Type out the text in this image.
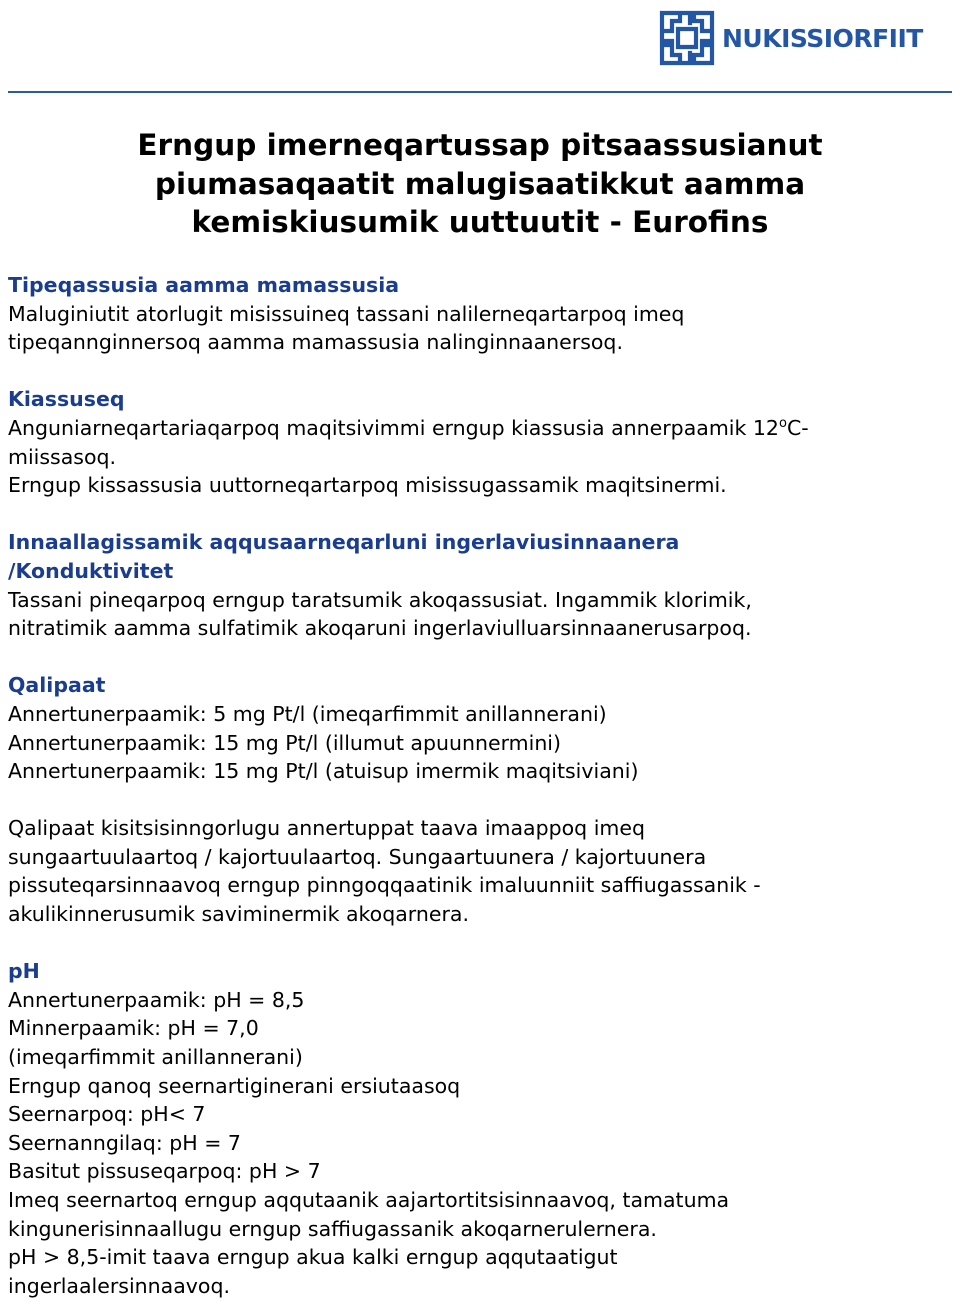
NUKISSIORFIIT
Erngup imerneqartussap pitsaassusianut
piumasaqaatit malugisaatikkut aamma
kemiskiusumik uuttuutit - Eurofins
Tipeqassusia aamma mamassusia
Maluginiutit atorlugit misissuineq tassani nalilerneqartarpoq imeq
tipeqannginnersoq aamma mamassusia nalinginnaanersoq.
Kiassuseq
Anguniarneqartariaqarpoq maqitsivimmi erngup kiassusia annerpaamik 12$^o$C-
miissasoq.
Erngup kissassusia uuttorneqartarpoq misissugassamik maqitsinermi.
Innaallagissamik aqqusaarneqarluni ingerlaviusinnaanera
/Konduktivitet
Tassani pineqarpoq erngup taratsumik akoqassusiat. Ingammik klorimik,
nitratimik aamma sulfatimik akoqaruni ingerlaviulluarsinnaanerusarpoq.
Qalipaat
Annertunerpaamik: 5 mg Pt/l (imeqarfimmit anillannerani)
Annertunerpaamik: 15 mg Pt/l (illumut apuunnermini)
Annertunerpaamik: 15 mg Pt/l (atuisup imermik maqitsiviani)
Qalipaat kisitsisinngorlugu annertuppat taava imaappoq imeq
sungaartuulaartoq / kajortuulaartoq. Sungaartuunera / kajortuunera
pissuteqarsinnaavoq erngup pinngoqqaatinik imaluunniit saffiugassanik -
akulikinnerusumik saviminermik akoqarnera.
pH
Annertunerpaamik: pH = 8,5
Minnerpaamik: pH = 7,0
(imeqarfimmit anillannerani)
Erngup qanoq seernartiginerani ersiutaasoq
Seernarpoq: pH< 7
Seernanngilaq: pH = 7
Basitut pissuseqarpoq: pH > 7
Imeq seernartoq erngup aqqutaanik aajartortitsisinnaavoq, tamatuma
kingunerisinnaallugu erngup saffiugassanik akoqarnerulernera.
pH > 8,5-imit taava erngup akua kalki erngup aqqutaatigut
ingerlaalersinnaavoq.
